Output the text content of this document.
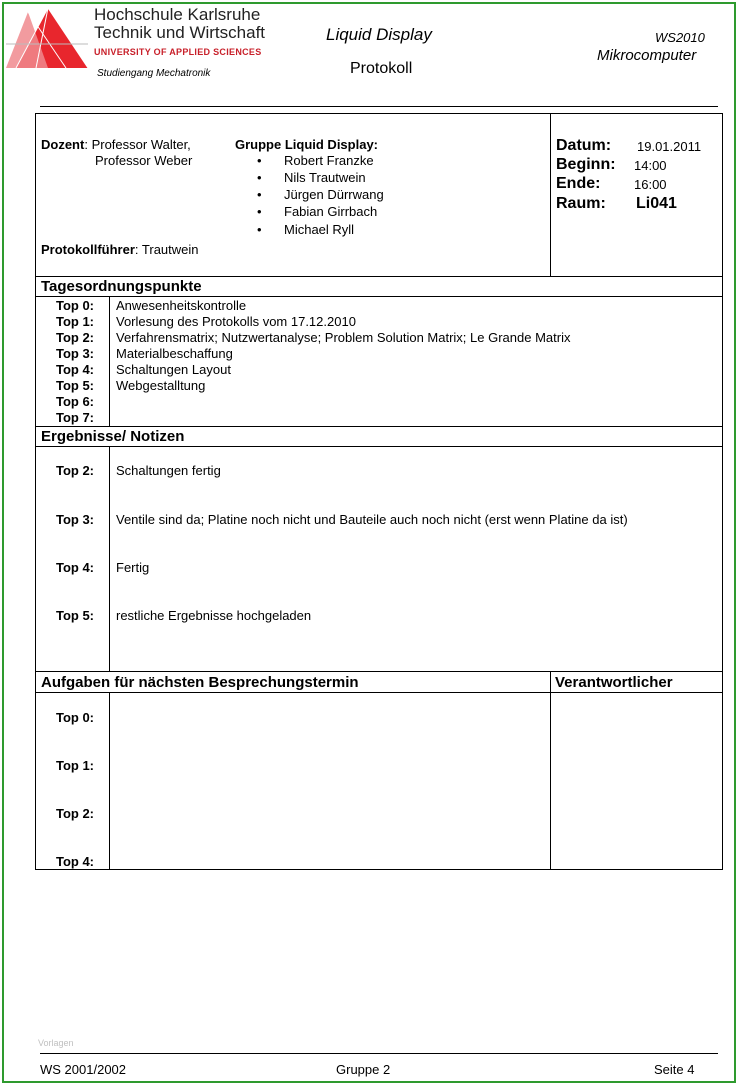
Hochschule Karlsruhe
Technik und Wirtschaft
UNIVERSITY OF APPLIED SCIENCES
Studiengang Mechatronik
Liquid Display
Protokoll
WS2010
Mikrocomputer
Dozent: Professor Walter,
Professor Weber
Gruppe Liquid Display:
• Robert Franzke
• Nils Trautwein
• Jürgen Dürrwang
• Fabian Girrbach
• Michael Ryll
Protokollführer: Trautwein
Datum: 19.01.2011
Beginn: 14:00
Ende:	16:00
Raum: Li041
Tagesordnungspunkte
Top 0: Anwesenheitskontrolle
Top 1: Vorlesung des Protokolls vom 17.12.2010
Top 2: Verfahrensmatrix; Nutzwertanalyse; Problem Solution Matrix; Le Grande Matrix
Top 3: Materialbeschaffung
Top 4: Schaltungen Layout
Top 5: Webgestalltung
Top 6:
Top 7:
Ergebnisse/ Notizen
Top 2: Schaltungen fertig
Top 3: Ventile sind da; Platine noch nicht und Bauteile auch noch nicht (erst wenn Platine da ist)
Top 4: Fertig
Top 5: restliche Ergebnisse hochgeladen
Aufgaben für nächsten Besprechungstermin	Verantwortlicher
Top 0:
Top 1:
Top 2:
Top 4:
Vorlagen
WS 2001/2002	Gruppe 2	Seite 4
